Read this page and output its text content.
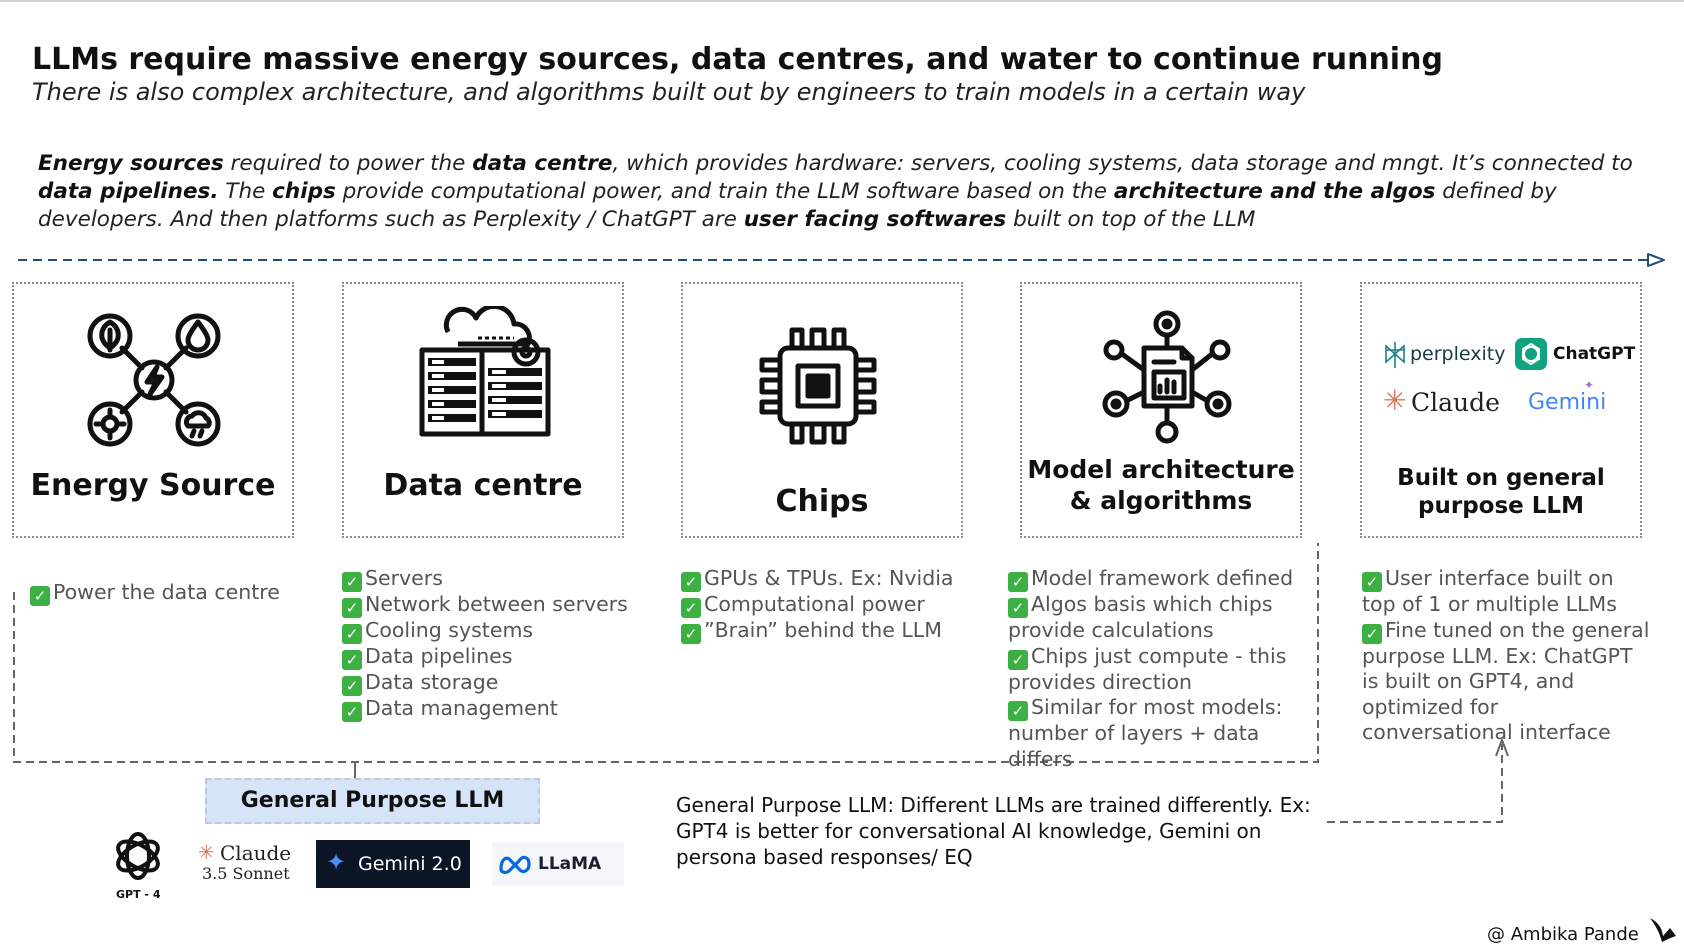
LLMs require massive energy sources, data centres, and water to continue running
There is also complex architecture, and algorithms built out by engineers to train models in a certain way
Energy sources required to power the data centre, which provides hardware: servers, cooling systems, data storage and mngt. It’s connected to data pipelines. The chips provide computational power, and train the LLM software based on the architecture and the algos defined by developers. And then platforms such as Perplexity / ChatGPT are user facing softwares built on top of the LLM
Energy Source	Data centre	Chips
Model architecture
& algorithms
Built on general
purpose LLM
perplexity	ChatGPT
✳ Claude Gemini
✦
✓ Power the data centre	✓ Servers
✓ Network between servers
✓ Cooling systems
✓ Data pipelines
✓ Data storage
✓ Data management
✓ GPUs & TPUs. Ex: Nvidia
✓ Computational power
✓ ”Brain” behind the LLM
✓ Model framework defined
✓ Algos basis which chips provide calculations
✓ Chips just compute - this provides direction
✓ Similar for most models: number of layers + data differs
✓ User interface built on top of 1 or multiple LLMs
✓ Fine tuned on the general purpose LLM. Ex: ChatGPT is built on GPT4, and optimized for conversational interface
General Purpose LLM	General Purpose LLM: Different LLMs are trained differently. Ex: GPT4 is better for conversational AI knowledge, Gemini on persona based responses/ EQ
GPT - 4
✳ Claude
3.5 Sonnet ✦ Gemini 2.0	LLaMA
@ Ambika Pande
